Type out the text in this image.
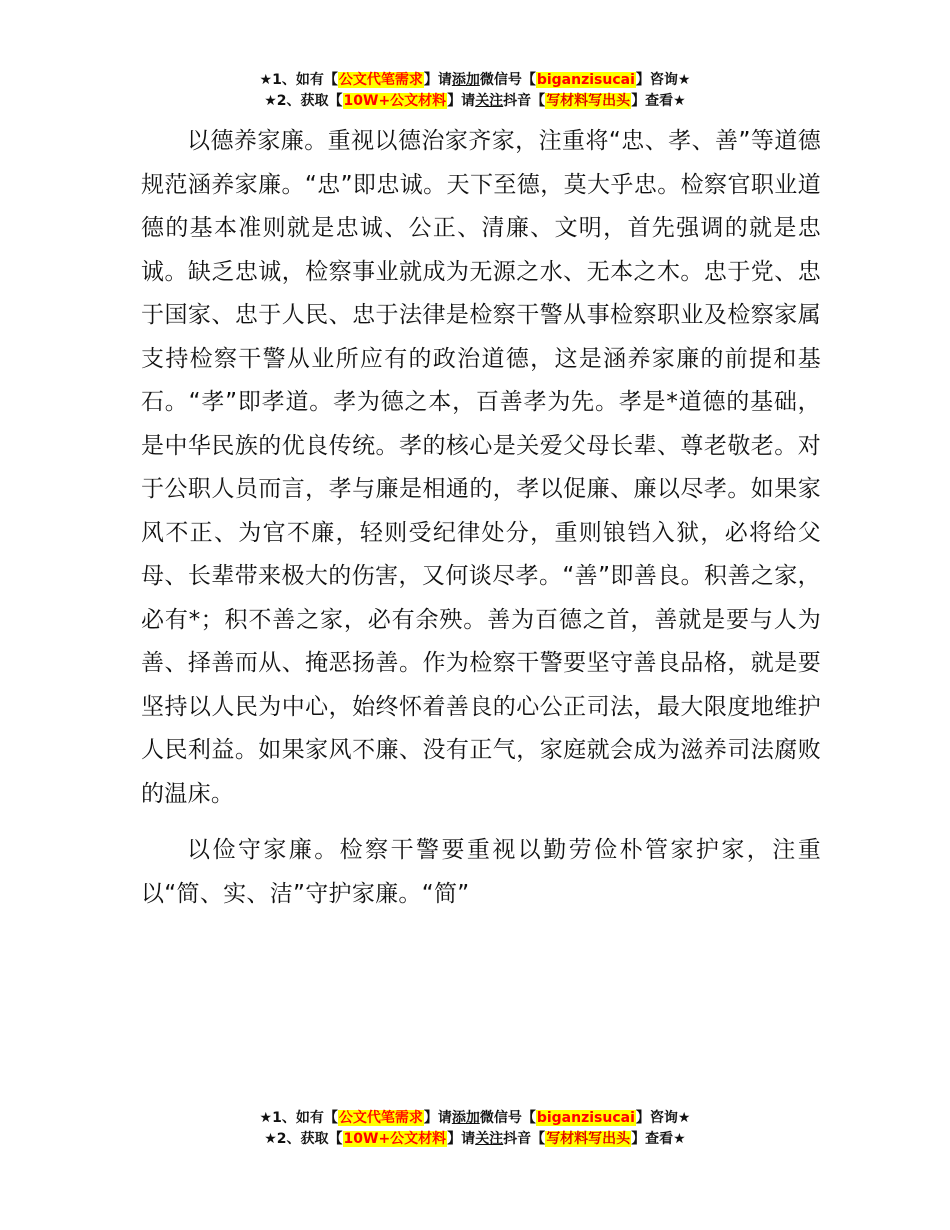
★1、如有【公文代笔需求】请添加微信号【biganzisucai】咨询★
★2、获取【10W+公文材料】请关注抖音【写材料写出头】查看★

以德养家廉。重视以德治家齐家，注重将“忠、孝、善”等道德规范涵养家廉。“忠”即忠诚。天下至德，莫大乎忠。检察官职业道德的基本准则就是忠诚、公正、清廉、文明，首先强调的就是忠诚。缺乏忠诚，检察事业就成为无源之水、无本之木。忠于党、忠于国家、忠于人民、忠于法律是检察干警从事检察职业及检察家属支持检察干警从业所应有的政治道德，这是涵养家廉的前提和基石。“孝”即孝道。孝为德之本，百善孝为先。孝是*道德的基础，是中华民族的优良传统。孝的核心是关爱父母长辈、尊老敬老。对于公职人员而言，孝与廉是相通的，孝以促廉、廉以尽孝。如果家风不正、为官不廉，轻则受纪律处分，重则锒铛入狱，必将给父母、长辈带来极大的伤害，又何谈尽孝。“善”即善良。积善之家，必有*；积不善之家，必有余殃。善为百德之首，善就是要与人为善、择善而从、掩恶扬善。作为检察干警要坚守善良品格，就是要坚持以人民为中心，始终怀着善良的心公正司法，最大限度地维护人民利益。如果家风不廉、没有正气，家庭就会成为滋养司法腐败的温床。

以俭守家廉。检察干警要重视以勤劳俭朴管家护家，注重以“简、实、洁”守护家廉。“简”

★1、如有【公文代笔需求】请添加微信号【biganzisucai】咨询★
★2、获取【10W+公文材料】请关注抖音【写材料写出头】查看★
